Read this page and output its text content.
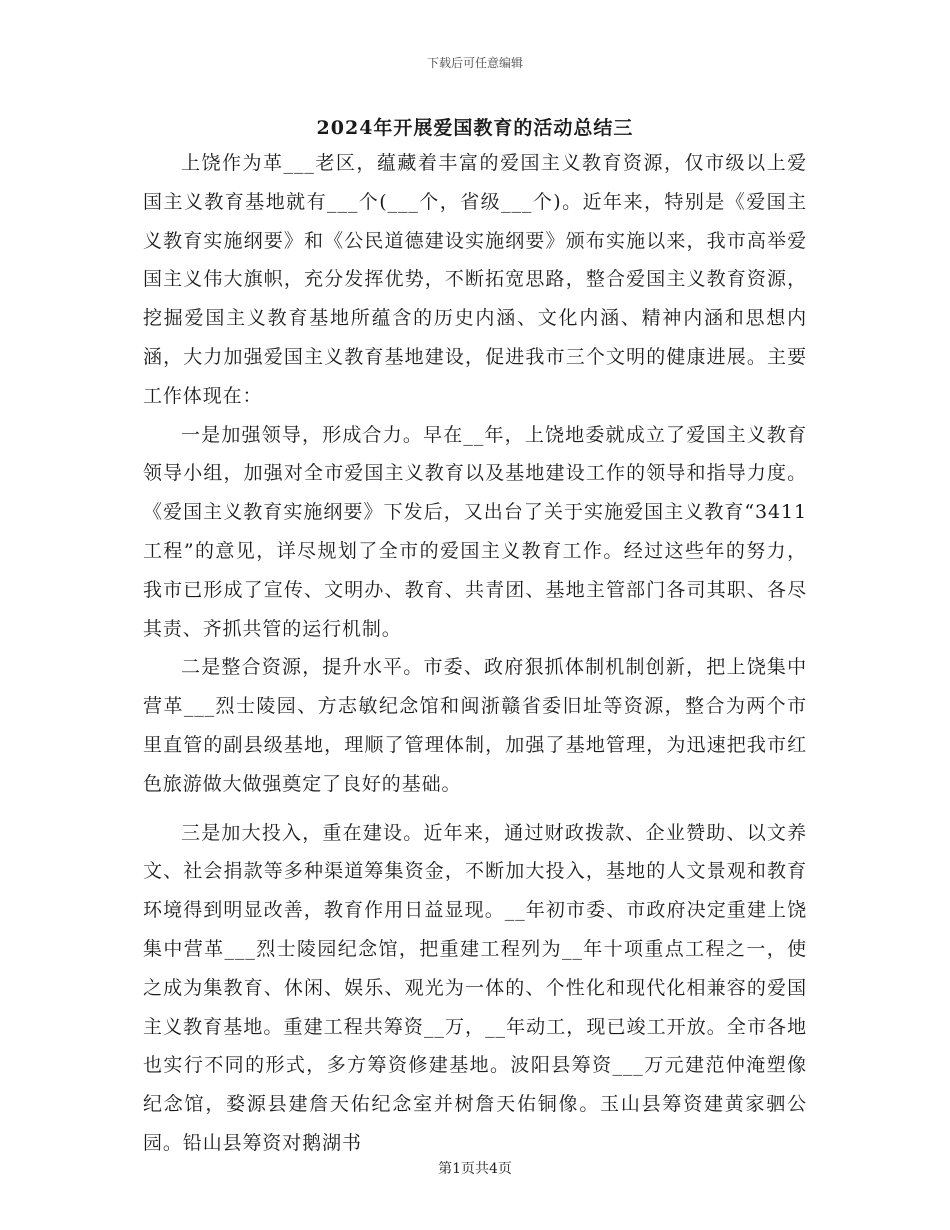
下载后可任意编辑
2024年开展爱国教育的活动总结三

上饶作为革___老区，蕴藏着丰富的爱国主义教育资源，仅市级以上爱国主义教育基地就有___个(___个，省级___个)。近年来，特别是《爱国主义教育实施纲要》和《公民道德建设实施纲要》颁布实施以来，我市高举爱国主义伟大旗帜，充分发挥优势，不断拓宽思路，整合爱国主义教育资源，挖掘爱国主义教育基地所蕴含的历史内涵、文化内涵、精神内涵和思想内涵，大力加强爱国主义教育基地建设，促进我市三个文明的健康进展。主要工作体现在：

一是加强领导，形成合力。早在__年，上饶地委就成立了爱国主义教育领导小组，加强对全市爱国主义教育以及基地建设工作的领导和指导力度。《爱国主义教育实施纲要》下发后，又出台了关于实施爱国主义教育“3411工程”的意见，详尽规划了全市的爱国主义教育工作。经过这些年的努力，我市已形成了宣传、文明办、教育、共青团、基地主管部门各司其职、各尽其责、齐抓共管的运行机制。

二是整合资源，提升水平。市委、政府狠抓体制机制创新，把上饶集中营革___烈士陵园、方志敏纪念馆和闽浙赣省委旧址等资源，整合为两个市里直管的副县级基地，理顺了管理体制，加强了基地管理，为迅速把我市红色旅游做大做强奠定了良好的基础。

三是加大投入，重在建设。近年来，通过财政拨款、企业赞助、以文养文、社会捐款等多种渠道筹集资金，不断加大投入，基地的人文景观和教育环境得到明显改善，教育作用日益显现。__年初市委、市政府决定重建上饶集中营革___烈士陵园纪念馆，把重建工程列为__年十项重点工程之一，使之成为集教育、休闲、娱乐、观光为一体的、个性化和现代化相兼容的爱国主义教育基地。重建工程共筹资__万，__年动工，现已竣工开放。全市各地也实行不同的形式，多方筹资修建基地。波阳县筹资___万元建范仲淹塑像纪念馆，婺源县建詹天佑纪念室并树詹天佑铜像。玉山县筹资建黄家驷公园。铅山县筹资对鹅湖书

第1页共4页
